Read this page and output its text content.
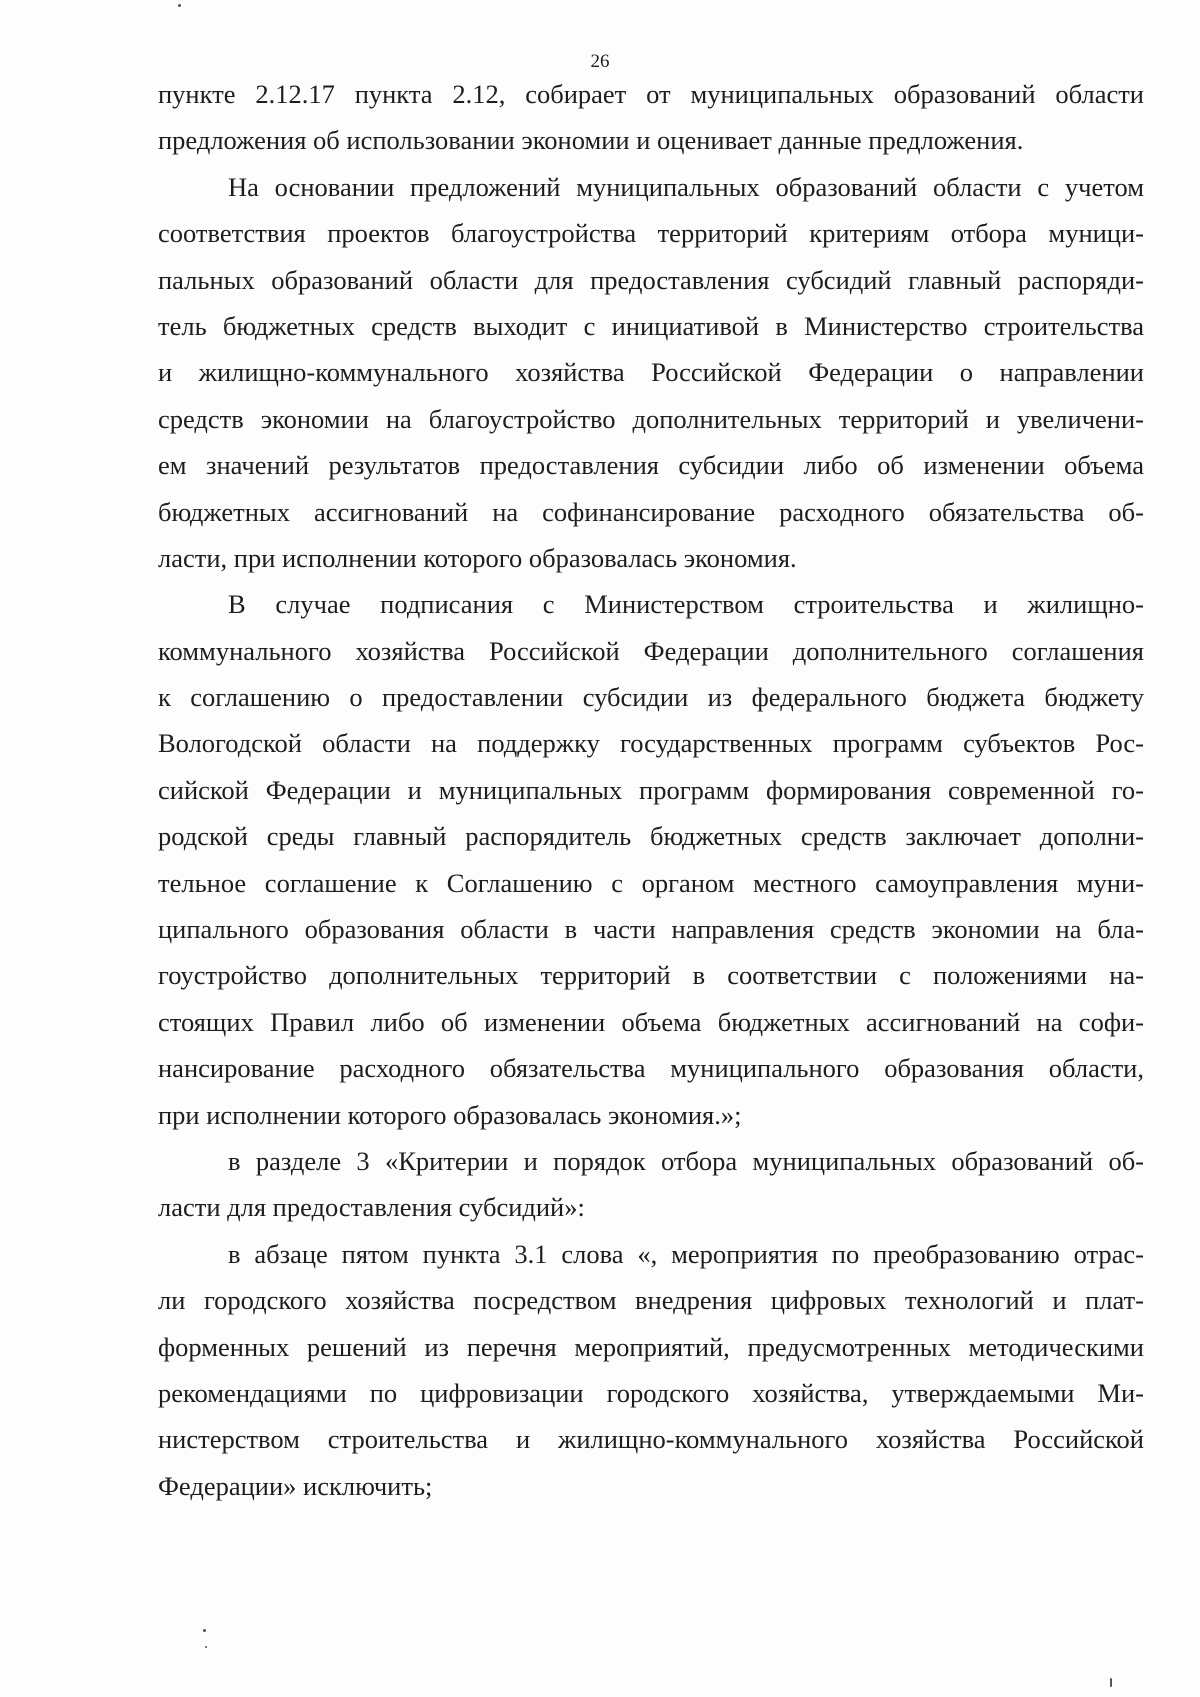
26
пункте 2.12.17 пункта 2.12, собирает от муниципальных образований области
предложения об использовании экономии и оценивает данные предложения.
На основании предложений муниципальных образований области с учетом
соответствия проектов благоустройства территорий критериям отбора муници-
пальных образований области для предоставления субсидий главный распоряди-
тель бюджетных средств выходит с инициативой в Министерство строительства
и жилищно-коммунального хозяйства Российской Федерации о направлении
средств экономии на благоустройство дополнительных территорий и увеличени-
ем значений результатов предоставления субсидии либо об изменении объема
бюджетных ассигнований на софинансирование расходного обязательства об-
ласти, при исполнении которого образовалась экономия.
В случае подписания с Министерством строительства и жилищно-
коммунального хозяйства Российской Федерации дополнительного соглашения
к соглашению о предоставлении субсидии из федерального бюджета бюджету
Вологодской области на поддержку государственных программ субъектов Рос-
сийской Федерации и муниципальных программ формирования современной го-
родской среды главный распорядитель бюджетных средств заключает дополни-
тельное соглашение к Соглашению с органом местного самоуправления муни-
ципального образования области в части направления средств экономии на бла-
гоустройство дополнительных территорий в соответствии с положениями на-
стоящих Правил либо об изменении объема бюджетных ассигнований на софи-
нансирование расходного обязательства муниципального образования области,
при исполнении которого образовалась экономия.»;
в разделе 3 «Критерии и порядок отбора муниципальных образований об-
ласти для предоставления субсидий»:
в абзаце пятом пункта 3.1 слова «, мероприятия по преобразованию отрас-
ли городского хозяйства посредством внедрения цифровых технологий и плат-
форменных решений из перечня мероприятий, предусмотренных методическими
рекомендациями по цифровизации городского хозяйства, утверждаемыми Ми-
нистерством строительства и жилищно-коммунального хозяйства Российской
Федерации» исключить;
